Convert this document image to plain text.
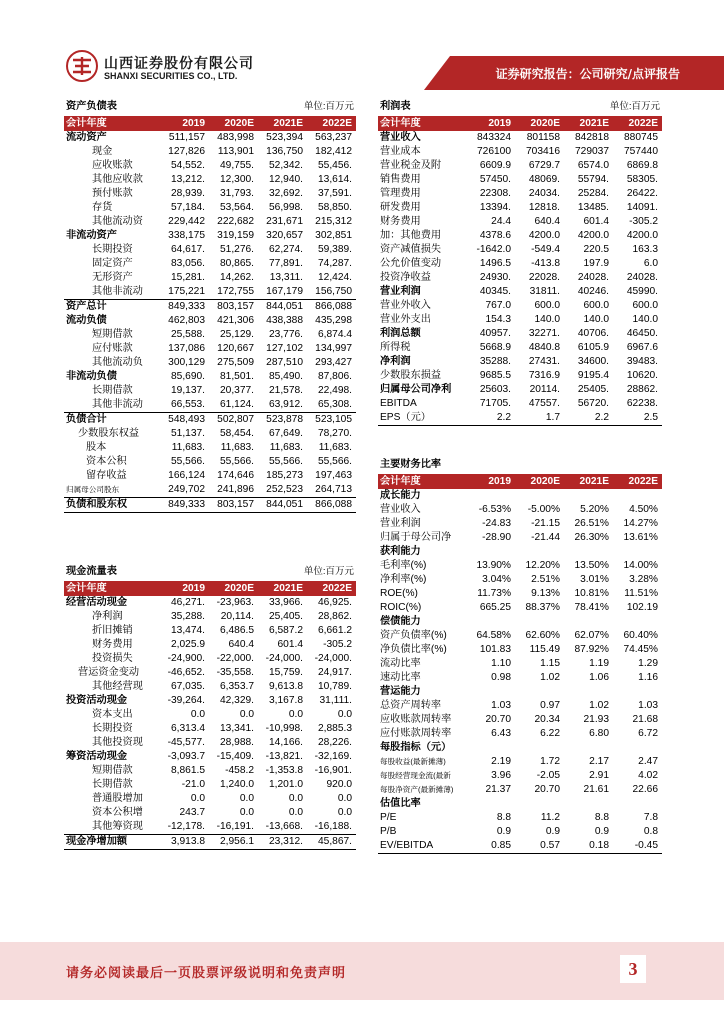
山西证券股份有限公司
SHANXI SECURITIES CO., LTD.	证券研究报告：公司研究/点评报告
资产负债表			单位:百万元	
会计年度	2019	2020E	2021E	2022E
流动资产	511,157	483,998	523,394	563,237
现金	127,826	113,901	136,750	182,412
应收账款	54,552.	49,755.	52,342.	55,456.
其他应收款	13,212.	12,300.	12,940.	13,614.
预付账款	28,939.	31,793.	32,692.	37,591.
存货	57,184.	53,564.	56,998.	58,850.
其他流动资	229,442	222,682	231,671	215,312
非流动资产	338,175	319,159	320,657	302,851
长期投资	64,617.	51,276.	62,274.	59,389.
固定资产	83,056.	80,865.	77,891.	74,287.
无形资产	15,281.	14,262.	13,311.	12,424.
其他非流动	175,221	172,755	167,179	156,750
资产总计	849,333	803,157	844,051	866,088
流动负债	462,803	421,306	438,388	435,298
短期借款	25,588.	25,129.	23,776.	6,874.4
应付账款	137,086	120,667	127,102	134,997
其他流动负	300,129	275,509	287,510	293,427
非流动负债	85,690.	81,501.	85,490.	87,806.
长期借款	19,137.	20,377.	21,578.	22,498.
其他非流动	66,553.	61,124.	63,912.	65,308.
负债合计	548,493	502,807	523,878	523,105
少数股东权益	51,137.	58,454.	67,649.	78,270.
股本	11,683.	11,683.	11,683.	11,683.
资本公积	55,566.	55,566.	55,566.	55,566.
留存收益	166,124	174,646	185,273	197,463
归属母公司股东	249,702	241,896	252,523	264,713
负债和股东权	849,333	803,157	844,051	866,088
现金流量表			单位:百万元	
会计年度	2019	2020E	2021E	2022E
经营活动现金	46,271.	-23,963.	33,966.	46,925.
净利润	35,288.	20,114.	25,405.	28,862.
折旧摊销	13,474.	6,486.5	6,587.2	6,661.2
财务费用	2,025.9	640.4	601.4	-305.2
投资损失	-24,900.	-22,000.	-24,000.	-24,000.
营运资金变动	-46,652.	-35,558.	15,759.	24,917.
其他经营现	67,035.	6,353.7	9,613.8	10,789.
投资活动现金	-39,264.	42,329.	3,167.8	31,111.
资本支出	0.0	0.0	0.0	0.0
长期投资	6,313.4	13,341.	-10,998.	2,885.3
其他投资现	-45,577.	28,988.	14,166.	28,226.
筹资活动现金	-3,093.7	-15,409.	-13,821.	-32,169.
短期借款	8,861.5	-458.2	-1,353.8	-16,901.
长期借款	-21.0	1,240.0	1,201.0	920.0
普通股增加	0.0	0.0	0.0	0.0
资本公积增	243.7	0.0	0.0	0.0
其他筹资现	-12,178.	-16,191.	-13,668.	-16,188.
现金净增加额	3,913.8	2,956.1	23,312.	45,867.
利润表			单位:百万元	
会计年度	2019	2020E	2021E	2022E
营业收入	843324	801158	842818	880745
营业成本	726100	703416	729037	757440
营业税金及附	6609.9	6729.7	6574.0	6869.8
销售费用	57450.	48069.	55794.	58305.
管理费用	22308.	24034.	25284.	26422.
研发费用	13394.	12818.	13485.	14091.
财务费用	24.4	640.4	601.4	-305.2
加：其他费用	4378.6	4200.0	4200.0	4200.0
资产减值损失	-1642.0	-549.4	220.5	163.3
公允价值变动	1496.5	-413.8	197.9	6.0
投资净收益	24930.	22028.	24028.	24028.
营业利润	40345.	31811.	40246.	45990.
营业外收入	767.0	600.0	600.0	600.0
营业外支出	154.3	140.0	140.0	140.0
利润总额	40957.	32271.	40706.	46450.
所得税	5668.9	4840.8	6105.9	6967.6
净利润	35288.	27431.	34600.	39483.
少数股东损益	9685.5	7316.9	9195.4	10620.
归属母公司净利	25603.	20114.	25405.	28862.
EBITDA	71705.	47557.	56720.	62238.
EPS（元）	2.2	1.7	2.2	2.5
主要财务比率				

会计年度	2019	2020E	2021E	2022E
成长能力				
营业收入	-6.53%	-5.00%	5.20%	4.50%
营业利润	-24.83	-21.15	26.51%	14.27%
归属于母公司净	-28.90	-21.44	26.30%	13.61%
获利能力				
毛利率(%)	13.90%	12.20%	13.50%	14.00%
净利率(%)	3.04%	2.51%	3.01%	3.28%
ROE(%)	11.73%	9.13%	10.81%	11.51%
ROIC(%)	665.25	88.37%	78.41%	102.19
偿债能力				
资产负债率(%)	64.58%	62.60%	62.07%	60.40%
净负债比率(%)	101.83	115.49	87.92%	74.45%
流动比率	1.10	1.15	1.19	1.29
速动比率	0.98	1.02	1.06	1.16
营运能力				
总资产周转率	1.03	0.97	1.02	1.03
应收账款周转率	20.70	20.34	21.93	21.68
应付账款周转率	6.43	6.22	6.80	6.72
每股指标（元）				
每股收益(最新摊薄)	2.19	1.72	2.17	2.47
每股经营现金流(最新	3.96	-2.05	2.91	4.02
每股净资产(最新摊薄)	21.37	20.70	21.61	22.66
估值比率				
P/E	8.8	11.2	8.8	7.8
P/B	0.9	0.9	0.9	0.8
EV/EBITDA	0.85	0.57	0.18	-0.45
请务必阅读最后一页股票评级说明和免责声明	3
